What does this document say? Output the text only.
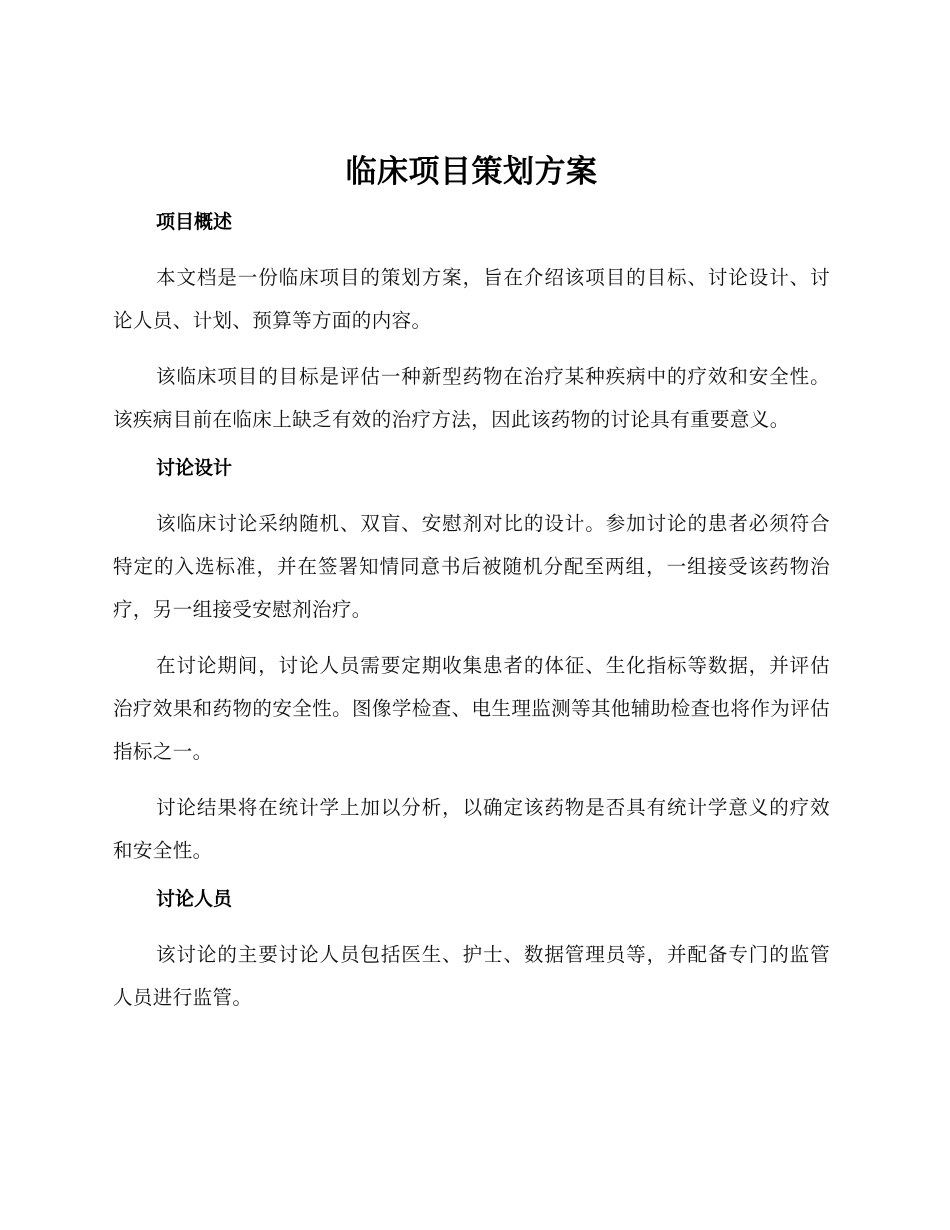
临床项目策划方案
项目概述

本文档是一份临床项目的策划方案，旨在介绍该项目的目标、讨论设计、讨论人员、计划、预算等方面的内容。

该临床项目的目标是评估一种新型药物在治疗某种疾病中的疗效和安全性。该疾病目前在临床上缺乏有效的治疗方法，因此该药物的讨论具有重要意义。

讨论设计

该临床讨论采纳随机、双盲、安慰剂对比的设计。参加讨论的患者必须符合特定的入选标准，并在签署知情同意书后被随机分配至两组，一组接受该药物治疗，另一组接受安慰剂治疗。

在讨论期间，讨论人员需要定期收集患者的体征、生化指标等数据，并评估治疗效果和药物的安全性。图像学检查、电生理监测等其他辅助检查也将作为评估指标之一。

讨论结果将在统计学上加以分析，以确定该药物是否具有统计学意义的疗效和安全性。

讨论人员

该讨论的主要讨论人员包括医生、护士、数据管理员等，并配备专门的监管人员进行监管。
